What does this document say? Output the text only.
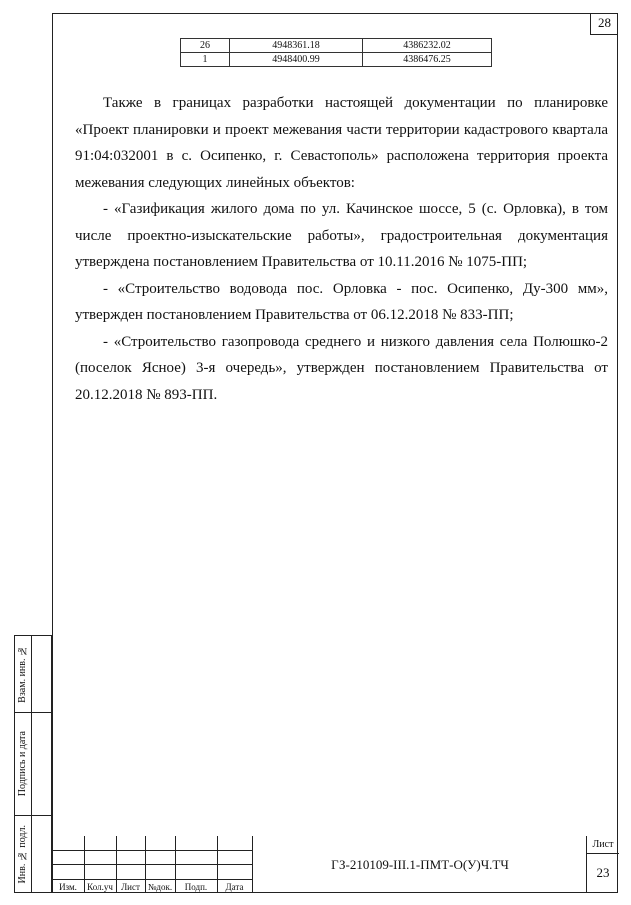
28
26	4948361.18	4386232.02
1	4948400.99	4386476.25

Также в границах разработки настоящей документации по планировке «Проект планировки и проект межевания части территории кадастрового квартала 91:04:032001 в с. Осипенко, г. Севастополь» расположена территория проекта межевания следующих линейных объектов:

- «Газификация жилого дома по ул. Качинское шоссе, 5 (с. Орловка), в том числе проектно-изыскательские работы», градостроительная документация утверждена постановлением Правительства от 10.11.2016 № 1075-ПП;

- «Строительство водовода пос. Орловка - пос. Осипенко, Ду-300 мм», утвержден постановлением Правительства от 06.12.2018 № 833-ПП;

- «Строительство газопровода среднего и низкого давления села Полюшко-2 (поселок Ясное) 3-я очередь», утвержден постановлением Правительства от 20.12.2018 № 893-ПП.

Взам. инв. №
Подпись и дата
Инв. № подл.
Изм.	Кол.уч Лист №док.	Подп.	Дата
ГЗ-210109-III.1-ПМТ-О(У)Ч.ТЧ
Лист
23
